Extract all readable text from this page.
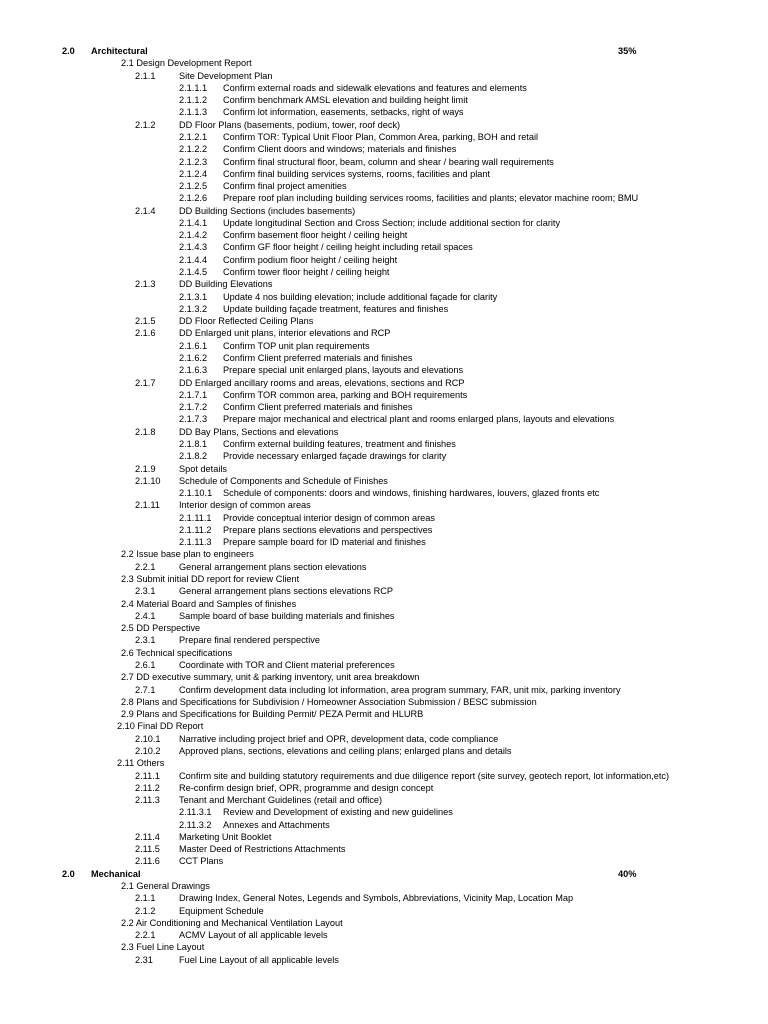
2.0 Architectural	35%
2.1 Design Development Report
2.1.1	Site Development Plan
2.1.1.1 Confirm external roads and sidewalk elevations and features and elements
2.1.1.2 Confirm benchmark AMSL elevation and building height limit
2.1.1.3 Confirm lot information, easements, setbacks, right of ways
2.1.2	DD Floor Plans (basements, podium, tower, roof deck)
2.1.2.1 Confirm TOR: Typical Unit Floor Plan, Common Area, parking, BOH and retail
2.1.2.2 Confirm Client doors and windows; materials and finishes
2.1.2.3 Confirm final structural floor, beam, column and shear / bearing wall requirements
2.1.2.4 Confirm final building services systems, rooms, facilities and plant
2.1.2.5 Confirm final project amenities
2.1.2.6 Prepare roof plan including building services rooms, facilities and plants; elevator machine room; BMU
2.1.4	DD Building Sections (includes basements)
2.1.4.1 Update longitudinal Section and Cross Section; include additional section for clarity
2.1.4.2 Confirm basement floor height / ceiling height
2.1.4.3 Confirm GF floor height / ceiling height including retail spaces
2.1.4.4 Confirm podium floor height / ceiling height
2.1.4.5 Confirm tower floor height / ceiling height
2.1.3	DD Building Elevations
2.1.3.1 Update 4 nos building elevation; include additional façade for clarity
2.1.3.2 Update building façade treatment, features and finishes
2.1.5	DD Floor Reflected Ceiling Plans
2.1.6	DD Enlarged unit plans, interior elevations and RCP
2.1.6.1 Confirm TOP unit plan requirements
2.1.6.2 Confirm Client preferred materials and finishes
2.1.6.3 Prepare special unit enlarged plans, layouts and elevations
2.1.7	DD Enlarged ancillary rooms and areas, elevations, sections and RCP
2.1.7.1 Confirm TOR common area, parking and BOH requirements
2.1.7.2 Confirm Client preferred materials and finishes
2.1.7.3 Prepare major mechanical and electrical plant and rooms enlarged plans, layouts and elevations
2.1.8	DD Bay Plans, Sections and elevations
2.1.8.1 Confirm external building features, treatment and finishes
2.1.8.2 Provide necessary enlarged façade drawings for clarity
2.1.9	Spot details
2.1.10 Schedule of Components and Schedule of Finishes
2.1.10.1 Schedule of components: doors and windows, finishing hardwares, louvers, glazed fronts etc
2.1.11 Interior design of common areas
2.1.11.1 Provide conceptual interior design of common areas
2.1.11.2 Prepare plans sections elevations and perspectives
2.1.11.3 Prepare sample board for ID material and finishes
2.2 Issue base plan to engineers
2.2.1	General arrangement plans section elevations
2.3 Submit initial DD report for review Client
2.3.1	General arrangement plans sections elevations RCP
2.4 Material Board and Samples of finishes
2.4.1	Sample board of base building materials and finishes
2.5 DD Perspective
2.3.1	Prepare final rendered perspective
2.6 Technical specifications
2.6.1	Coordinate with TOR and Client material preferences
2.7 DD executive summary, unit & parking inventory, unit area breakdown
2.7.1	Confirm development data including lot information, area program summary, FAR, unit mix, parking inventory
2.8 Plans and Specifications for Subdivision / Homeowner Association Submission / BESC submission
2.9 Plans and Specifications for Building Permit/ PEZA Permit and HLURB
2.10 Final DD Report
2.10.1 Narrative including project brief and OPR, development data, code compliance
2.10.2 Approved plans, sections, elevations and ceiling plans; enlarged plans and details
2.11 Others
2.11.1 Confirm site and building statutory requirements and due diligence report (site survey, geotech report, lot information,etc)
2.11.2 Re-confirm design brief, OPR, programme and design concept
2.11.3 Tenant and Merchant Guidelines (retail and office)
2.11.3.1 Review and Development of existing and new guidelines
2.11.3.2 Annexes and Attachments
2.11.4 Marketing Unit Booklet
2.11.5 Master Deed of Restrictions Attachments
2.11.6 CCT Plans
2.0 Mechanical	40%
2.1 General Drawings
2.1.1	Drawing Index, General Notes, Legends and Symbols, Abbreviations, Vicinity Map, Location Map
2.1.2	Equipment Schedule
2.2 Air Conditioning and Mechanical Ventilation Layout
2.2.1	ACMV Layout of all applicable levels
2.3 Fuel Line Layout
2.31	Fuel Line Layout of all applicable levels
